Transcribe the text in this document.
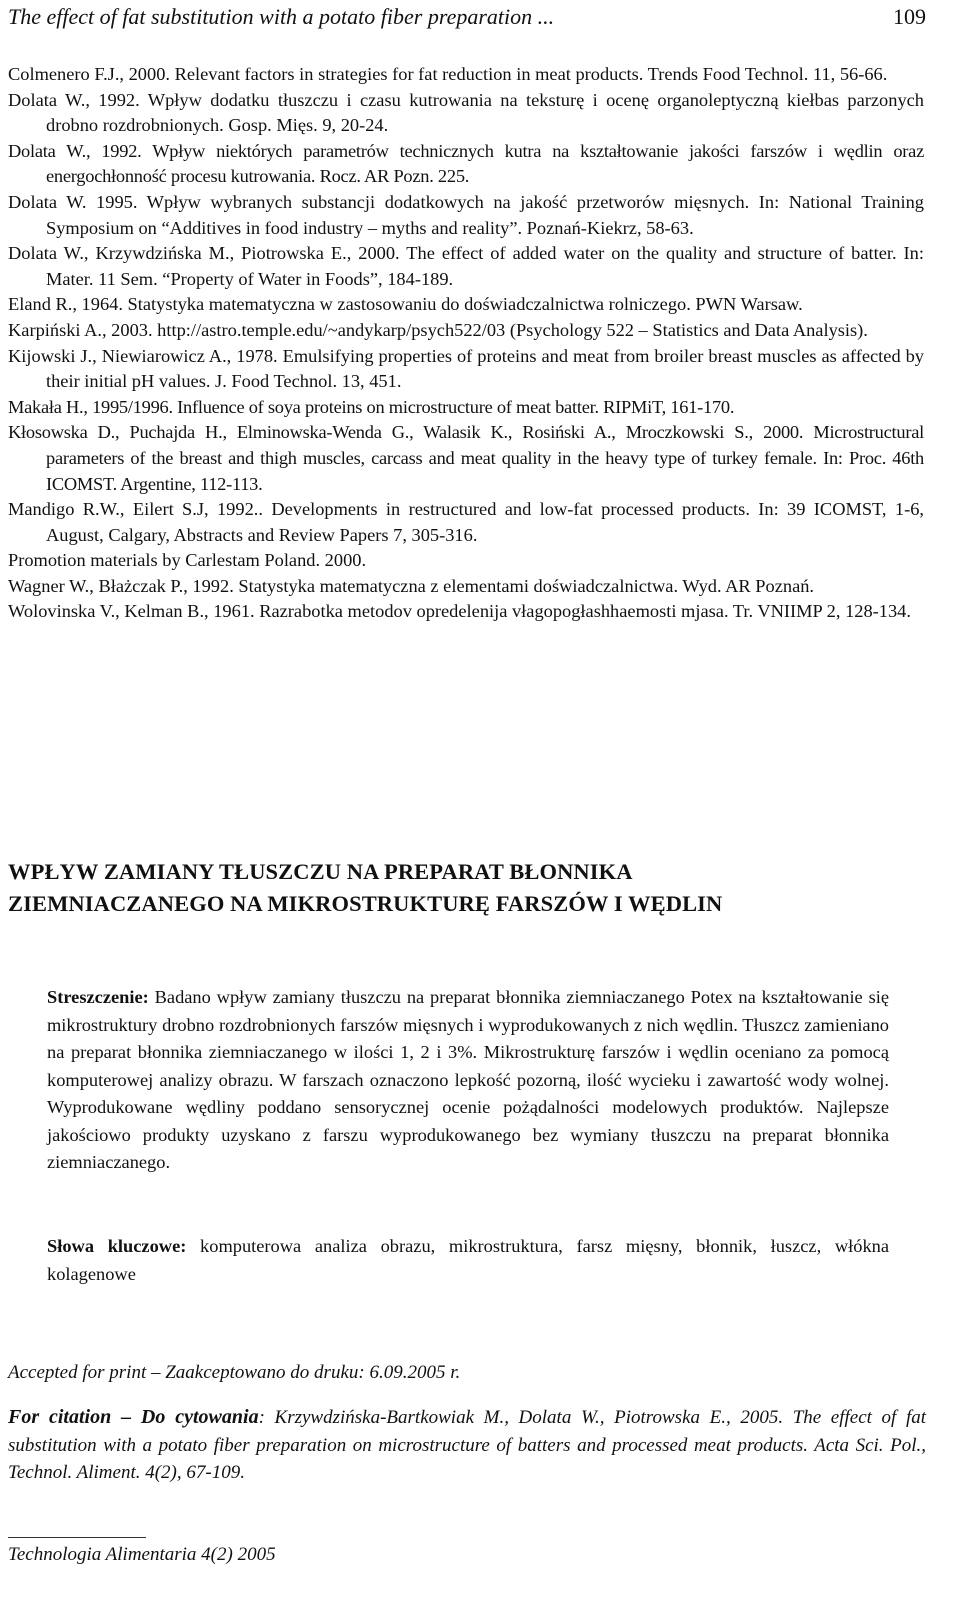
The effect of fat substitution with a potato fiber preparation ...	109
Colmenero F.J., 2000. Relevant factors in strategies for fat reduction in meat products. Trends Food Technol. 11, 56-66.
Dolata W., 1992. Wpływ dodatku tłuszczu i czasu kutrowania na teksturę i ocenę organoleptyczną kiełbas parzonych drobno rozdrobnionych. Gosp. Mięs. 9, 20-24.
Dolata W., 1992. Wpływ niektórych parametrów technicznych kutra na kształtowanie jakości farszów i wędlin oraz energochłonność procesu kutrowania. Rocz. AR Pozn. 225.
Dolata W. 1995. Wpływ wybranych substancji dodatkowych na jakość przetworów mięsnych. In: National Training Symposium on “Additives in food industry – myths and reality”. Poznań-Kiekrz, 58-63.
Dolata W., Krzywdzińska M., Piotrowska E., 2000. The effect of added water on the quality and structure of batter. In: Mater. 11 Sem. “Property of Water in Foods”, 184-189.
Eland R., 1964. Statystyka matematyczna w zastosowaniu do doświadczalnictwa rolniczego. PWN Warsaw.
Karpiński A., 2003. http://astro.temple.edu/~andykarp/psych522/03 (Psychology 522 – Statistics and Data Analysis).
Kijowski J., Niewiarowicz A., 1978. Emulsifying properties of proteins and meat from broiler breast muscles as affected by their initial pH values. J. Food Technol. 13, 451.
Makała H., 1995/1996. Influence of soya proteins on microstructure of meat batter. RIPMiT, 161-170.
Kłosowska D., Puchajda H., Elminowska-Wenda G., Walasik K., Rosiński A., Mroczkowski S., 2000. Microstructural parameters of the breast and thigh muscles, carcass and meat quality in the heavy type of turkey female. In: Proc. 46th ICOMST. Argentine, 112-113.
Mandigo R.W., Eilert S.J, 1992.. Developments in restructured and low-fat processed products. In: 39 ICOMST, 1-6, August, Calgary, Abstracts and Review Papers 7, 305-316.
Promotion materials by Carlestam Poland. 2000.
Wagner W., Błażczak P., 1992. Statystyka matematyczna z elementami doświadczalnictwa. Wyd. AR Poznań.
Wolovinska V., Kelman B., 1961. Razrabotka metodov opredelenija vłagopogłashhaemosti mjasa. Tr. VNIIMP 2, 128-134.
WPŁYW ZAMIANY TŁUSZCZU NA PREPARAT BŁONNIKA
ZIEMNIACZANEGO NA MIKROSTRUKTURĘ FARSZÓW I WĘDLIN
Streszczenie: Badano wpływ zamiany tłuszczu na preparat błonnika ziemniaczanego Potex na kształtowanie się mikrostruktury drobno rozdrobnionych farszów mięsnych i wyprodukowanych z nich wędlin. Tłuszcz zamieniano na preparat błonnika ziemniaczanego w ilości 1, 2 i 3%. Mikrostrukturę farszów i wędlin oceniano za pomocą komputerowej analizy obrazu. W farszach oznaczono lepkość pozorną, ilość wycieku i zawartość wody wolnej. Wyprodukowane wędliny poddano sensorycznej ocenie pożądalności modelowych produktów. Najlepsze jakościowo produkty uzyskano z farszu wyprodukowanego bez wymiany tłuszczu na preparat błonnika ziemniaczanego.
Słowa kluczowe: komputerowa analiza obrazu, mikrostruktura, farsz mięsny, błonnik, łuszcz, włókna kolagenowe
Accepted for print – Zaakceptowano do druku: 6.09.2005 r.
For citation – Do cytowania: Krzywdzińska-Bartkowiak M., Dolata W., Piotrowska E., 2005. The effect of fat substitution with a potato fiber preparation on microstructure of batters and processed meat products. Acta Sci. Pol., Technol. Aliment. 4(2), 67-109.
Technologia Alimentaria 4(2) 2005
